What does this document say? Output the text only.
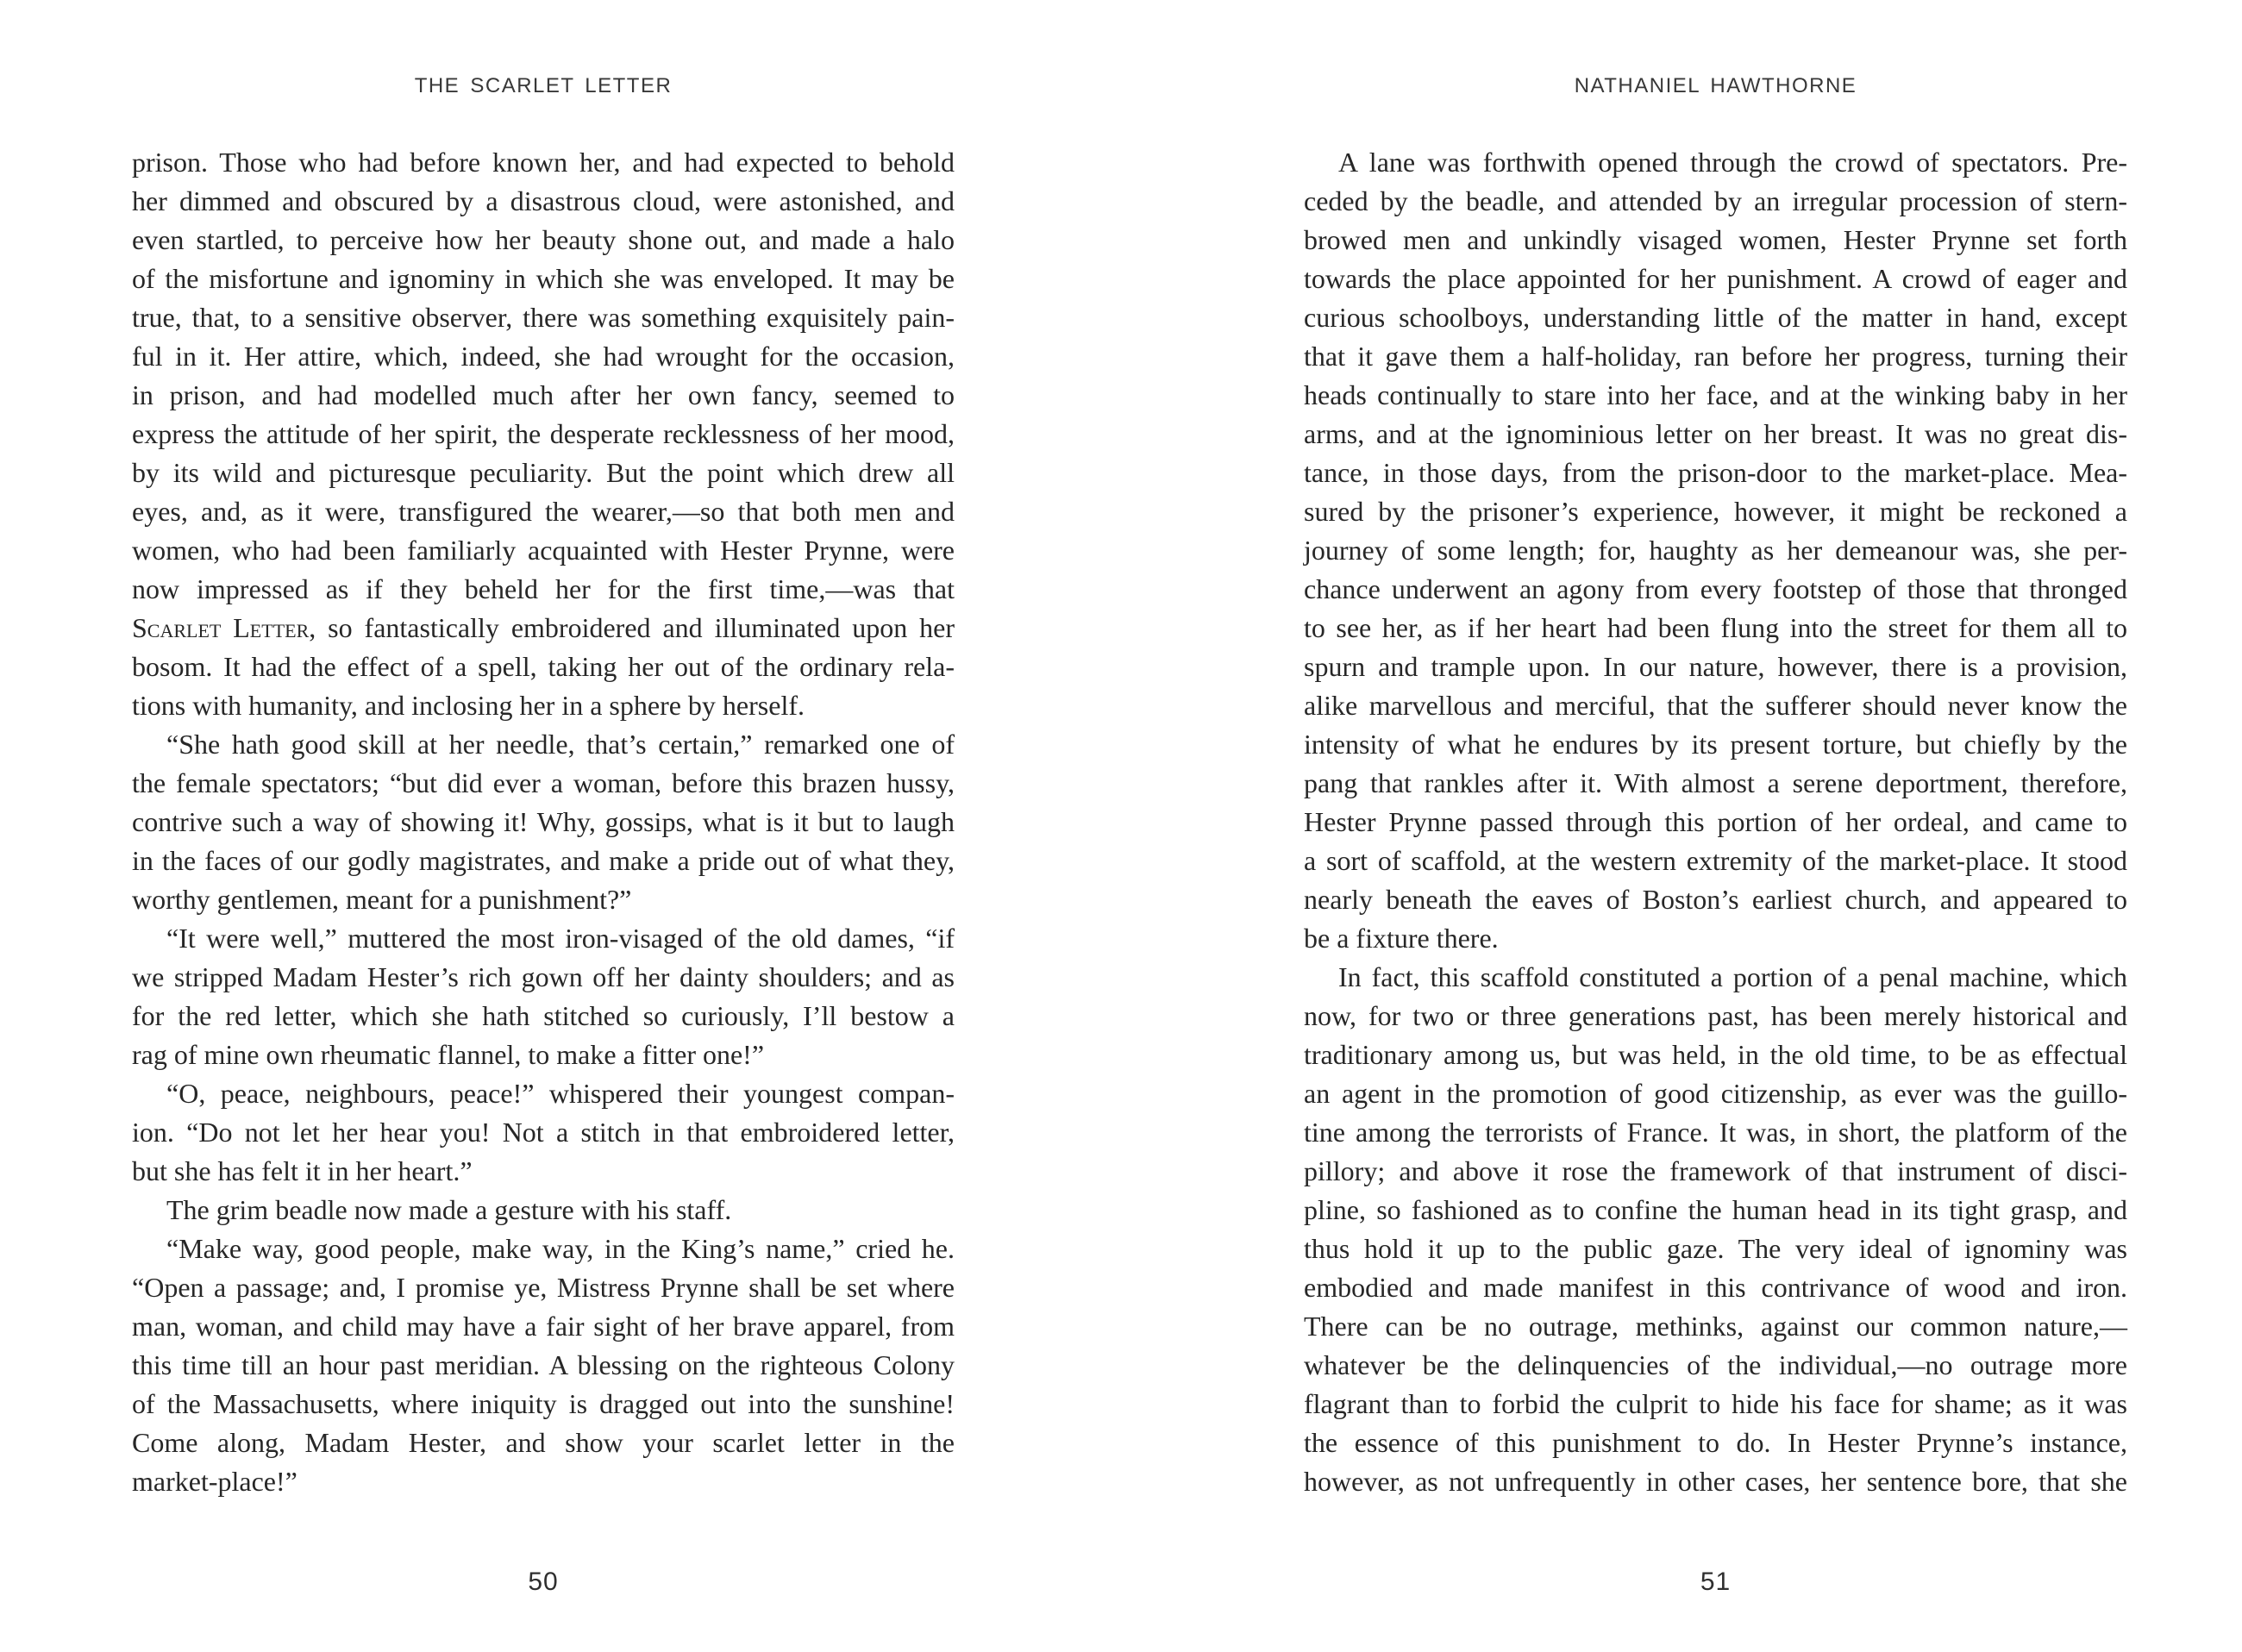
THE SCARLET LETTER
prison. Those who had before known her, and had expected to behold
her dimmed and obscured by a disastrous cloud, were astonished, and
even startled, to perceive how her beauty shone out, and made a halo
of the misfortune and ignominy in which she was enveloped. It may be
true, that, to a sensitive observer, there was something exquisitely pain-
ful in it. Her attire, which, indeed, she had wrought for the occasion,
in prison, and had modelled much after her own fancy, seemed to
express the attitude of her spirit, the desperate recklessness of her mood,
by its wild and picturesque peculiarity. But the point which drew all
eyes, and, as it were, transfigured the wearer,—so that both men and
women, who had been familiarly acquainted with Hester Prynne, were
now impressed as if they beheld her for the first time,—was that
Scarlet Letter, so fantastically embroidered and illuminated upon her
bosom. It had the effect of a spell, taking her out of the ordinary rela-
tions with humanity, and inclosing her in a sphere by herself.
“She hath good skill at her needle, that’s certain,” remarked one of
the female spectators; “but did ever a woman, before this brazen hussy,
contrive such a way of showing it! Why, gossips, what is it but to laugh
in the faces of our godly magistrates, and make a pride out of what they,
worthy gentlemen, meant for a punishment?”
“It were well,” muttered the most iron-visaged of the old dames, “if
we stripped Madam Hester’s rich gown off her dainty shoulders; and as
for the red letter, which she hath stitched so curiously, I’ll bestow a
rag of mine own rheumatic flannel, to make a fitter one!”
“O, peace, neighbours, peace!” whispered their youngest compan-
ion. “Do not let her hear you! Not a stitch in that embroidered letter,
but she has felt it in her heart.”
The grim beadle now made a gesture with his staff.
“Make way, good people, make way, in the King’s name,” cried he.
“Open a passage; and, I promise ye, Mistress Prynne shall be set where
man, woman, and child may have a fair sight of her brave apparel, from
this time till an hour past meridian. A blessing on the righteous Colony
of the Massachusetts, where iniquity is dragged out into the sunshine!
Come along, Madam Hester, and show your scarlet letter in the
market-place!”
50
NATHANIEL HAWTHORNE
A lane was forthwith opened through the crowd of spectators. Pre-
ceded by the beadle, and attended by an irregular procession of stern-
browed men and unkindly visaged women, Hester Prynne set forth
towards the place appointed for her punishment. A crowd of eager and
curious schoolboys, understanding little of the matter in hand, except
that it gave them a half-holiday, ran before her progress, turning their
heads continually to stare into her face, and at the winking baby in her
arms, and at the ignominious letter on her breast. It was no great dis-
tance, in those days, from the prison-door to the market-place. Mea-
sured by the prisoner’s experience, however, it might be reckoned a
journey of some length; for, haughty as her demeanour was, she per-
chance underwent an agony from every footstep of those that thronged
to see her, as if her heart had been flung into the street for them all to
spurn and trample upon. In our nature, however, there is a provision,
alike marvellous and merciful, that the sufferer should never know the
intensity of what he endures by its present torture, but chiefly by the
pang that rankles after it. With almost a serene deportment, therefore,
Hester Prynne passed through this portion of her ordeal, and came to
a sort of scaffold, at the western extremity of the market-place. It stood
nearly beneath the eaves of Boston’s earliest church, and appeared to
be a fixture there.
In fact, this scaffold constituted a portion of a penal machine, which
now, for two or three generations past, has been merely historical and
traditionary among us, but was held, in the old time, to be as effectual
an agent in the promotion of good citizenship, as ever was the guillo-
tine among the terrorists of France. It was, in short, the platform of the
pillory; and above it rose the framework of that instrument of disci-
pline, so fashioned as to confine the human head in its tight grasp, and
thus hold it up to the public gaze. The very ideal of ignominy was
embodied and made manifest in this contrivance of wood and iron.
There can be no outrage, methinks, against our common nature,—
whatever be the delinquencies of the individual,—no outrage more
flagrant than to forbid the culprit to hide his face for shame; as it was
the essence of this punishment to do. In Hester Prynne’s instance,
however, as not unfrequently in other cases, her sentence bore, that she
51
